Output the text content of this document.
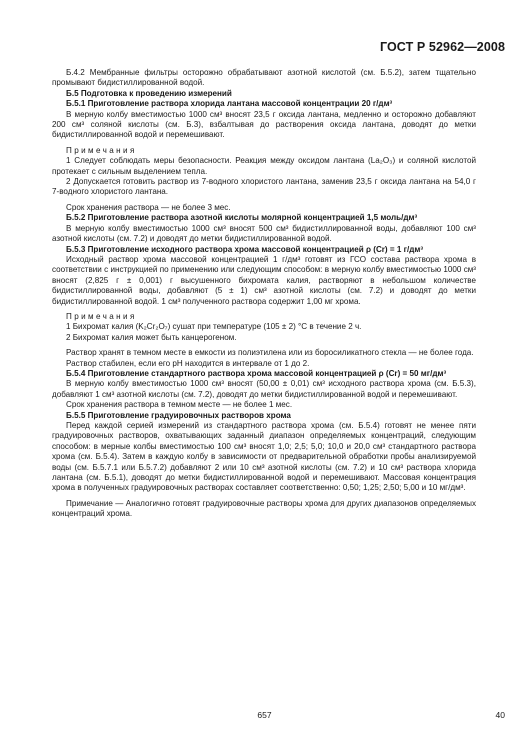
ГОСТ Р 52962—2008

Б.4.2 Мембранные фильтры осторожно обрабатывают азотной кислотой (см. Б.5.2), затем тщательно промывают бидистиллированной водой.

Б.5 Подготовка к проведению измерений

Б.5.1 Приготовление раствора хлорида лантана массовой концентрации 20 г/дм³

В мерную колбу вместимостью 1000 см³ вносят 23,5 г оксида лантана, медленно и осторожно добавляют 200 см³ соляной кислоты (см. Б.3), взбалтывая до растворения оксида лантана, доводят до метки бидистиллированной водой и перемешивают.

Примечания

1 Следует соблюдать меры безопасности. Реакция между оксидом лантана (La₂O₃) и соляной кислотой протекает с сильным выделением тепла.

2 Допускается готовить раствор из 7-водного хлористого лантана, заменив 23,5 г оксида лантана на 54,0 г 7-водного хлористого лантана.

Срок хранения раствора — не более 3 мес.

Б.5.2 Приготовление раствора азотной кислоты молярной концентрацией 1,5 моль/дм³

В мерную колбу вместимостью 1000 см³ вносят 500 см³ бидистиллированной воды, добавляют 100 см³ азотной кислоты (см. 7.2) и доводят до метки бидистиллированной водой.

Б.5.3 Приготовление исходного раствора хрома массовой концентрацией ρ (Cr) = 1 г/дм³

Исходный раствор хрома массовой концентрацией 1 г/дм³ готовят из ГСО состава раствора хрома в соответствии с инструкцией по применению или следующим способом: в мерную колбу вместимостью 1000 см³ вносят (2,825 г ± 0,001) г высушенного бихромата калия, растворяют в небольшом количестве бидистиллированной воды, добавляют (5 ± 1) см³ азотной кислоты (см. 7.2) и доводят до метки бидистиллированной водой. 1 см³ полученного раствора содержит 1,00 мг хрома.

Примечания

1 Бихромат калия (K₂Cr₂O₇) сушат при температуре (105 ± 2) °С в течение 2 ч.

2 Бихромат калия может быть канцерогеном.

Раствор хранят в темном месте в емкости из полиэтилена или из боросиликатного стекла — не более года.

Раствор стабилен, если его pH находится в интервале от 1 до 2.

Б.5.4 Приготовление стандартного раствора хрома массовой концентрацией ρ (Cr) = 50 мг/дм³

В мерную колбу вместимостью 1000 см³ вносят (50,00 ± 0,01) см³ исходного раствора хрома (см. Б.5.3), добавляют 1 см³ азотной кислоты (см. 7.2), доводят до метки бидистиллированной водой и перемешивают.

Срок хранения раствора в темном месте — не более 1 мес.

Б.5.5 Приготовление градуировочных растворов хрома

Перед каждой серией измерений из стандартного раствора хрома (см. Б.5.4) готовят не менее пяти градуировочных растворов, охватывающих заданный диапазон определяемых концентраций, следующим способом: в мерные колбы вместимостью 100 см³ вносят 1,0; 2,5; 5,0; 10,0 и 20,0 см³ стандартного раствора хрома (см. Б.5.4). Затем в каждую колбу в зависимости от предварительной обработки пробы анализируемой воды (см. Б.5.7.1 или Б.5.7.2) добавляют 2 или 10 см³ азотной кислоты (см. 7.2) и 10 см³ раствора хлорида лантана (см. Б.5.1), доводят до метки бидистиллированной водой и перемешивают. Массовая концентрация хрома в полученных градуировочных растворах составляет соответственно: 0,50; 1,25; 2,50; 5,00 и 10 мг/дм³.

Примечание — Аналогично готовят градуировочные растворы хрома для других диапазонов определяемых концентраций хрома.

657	40
